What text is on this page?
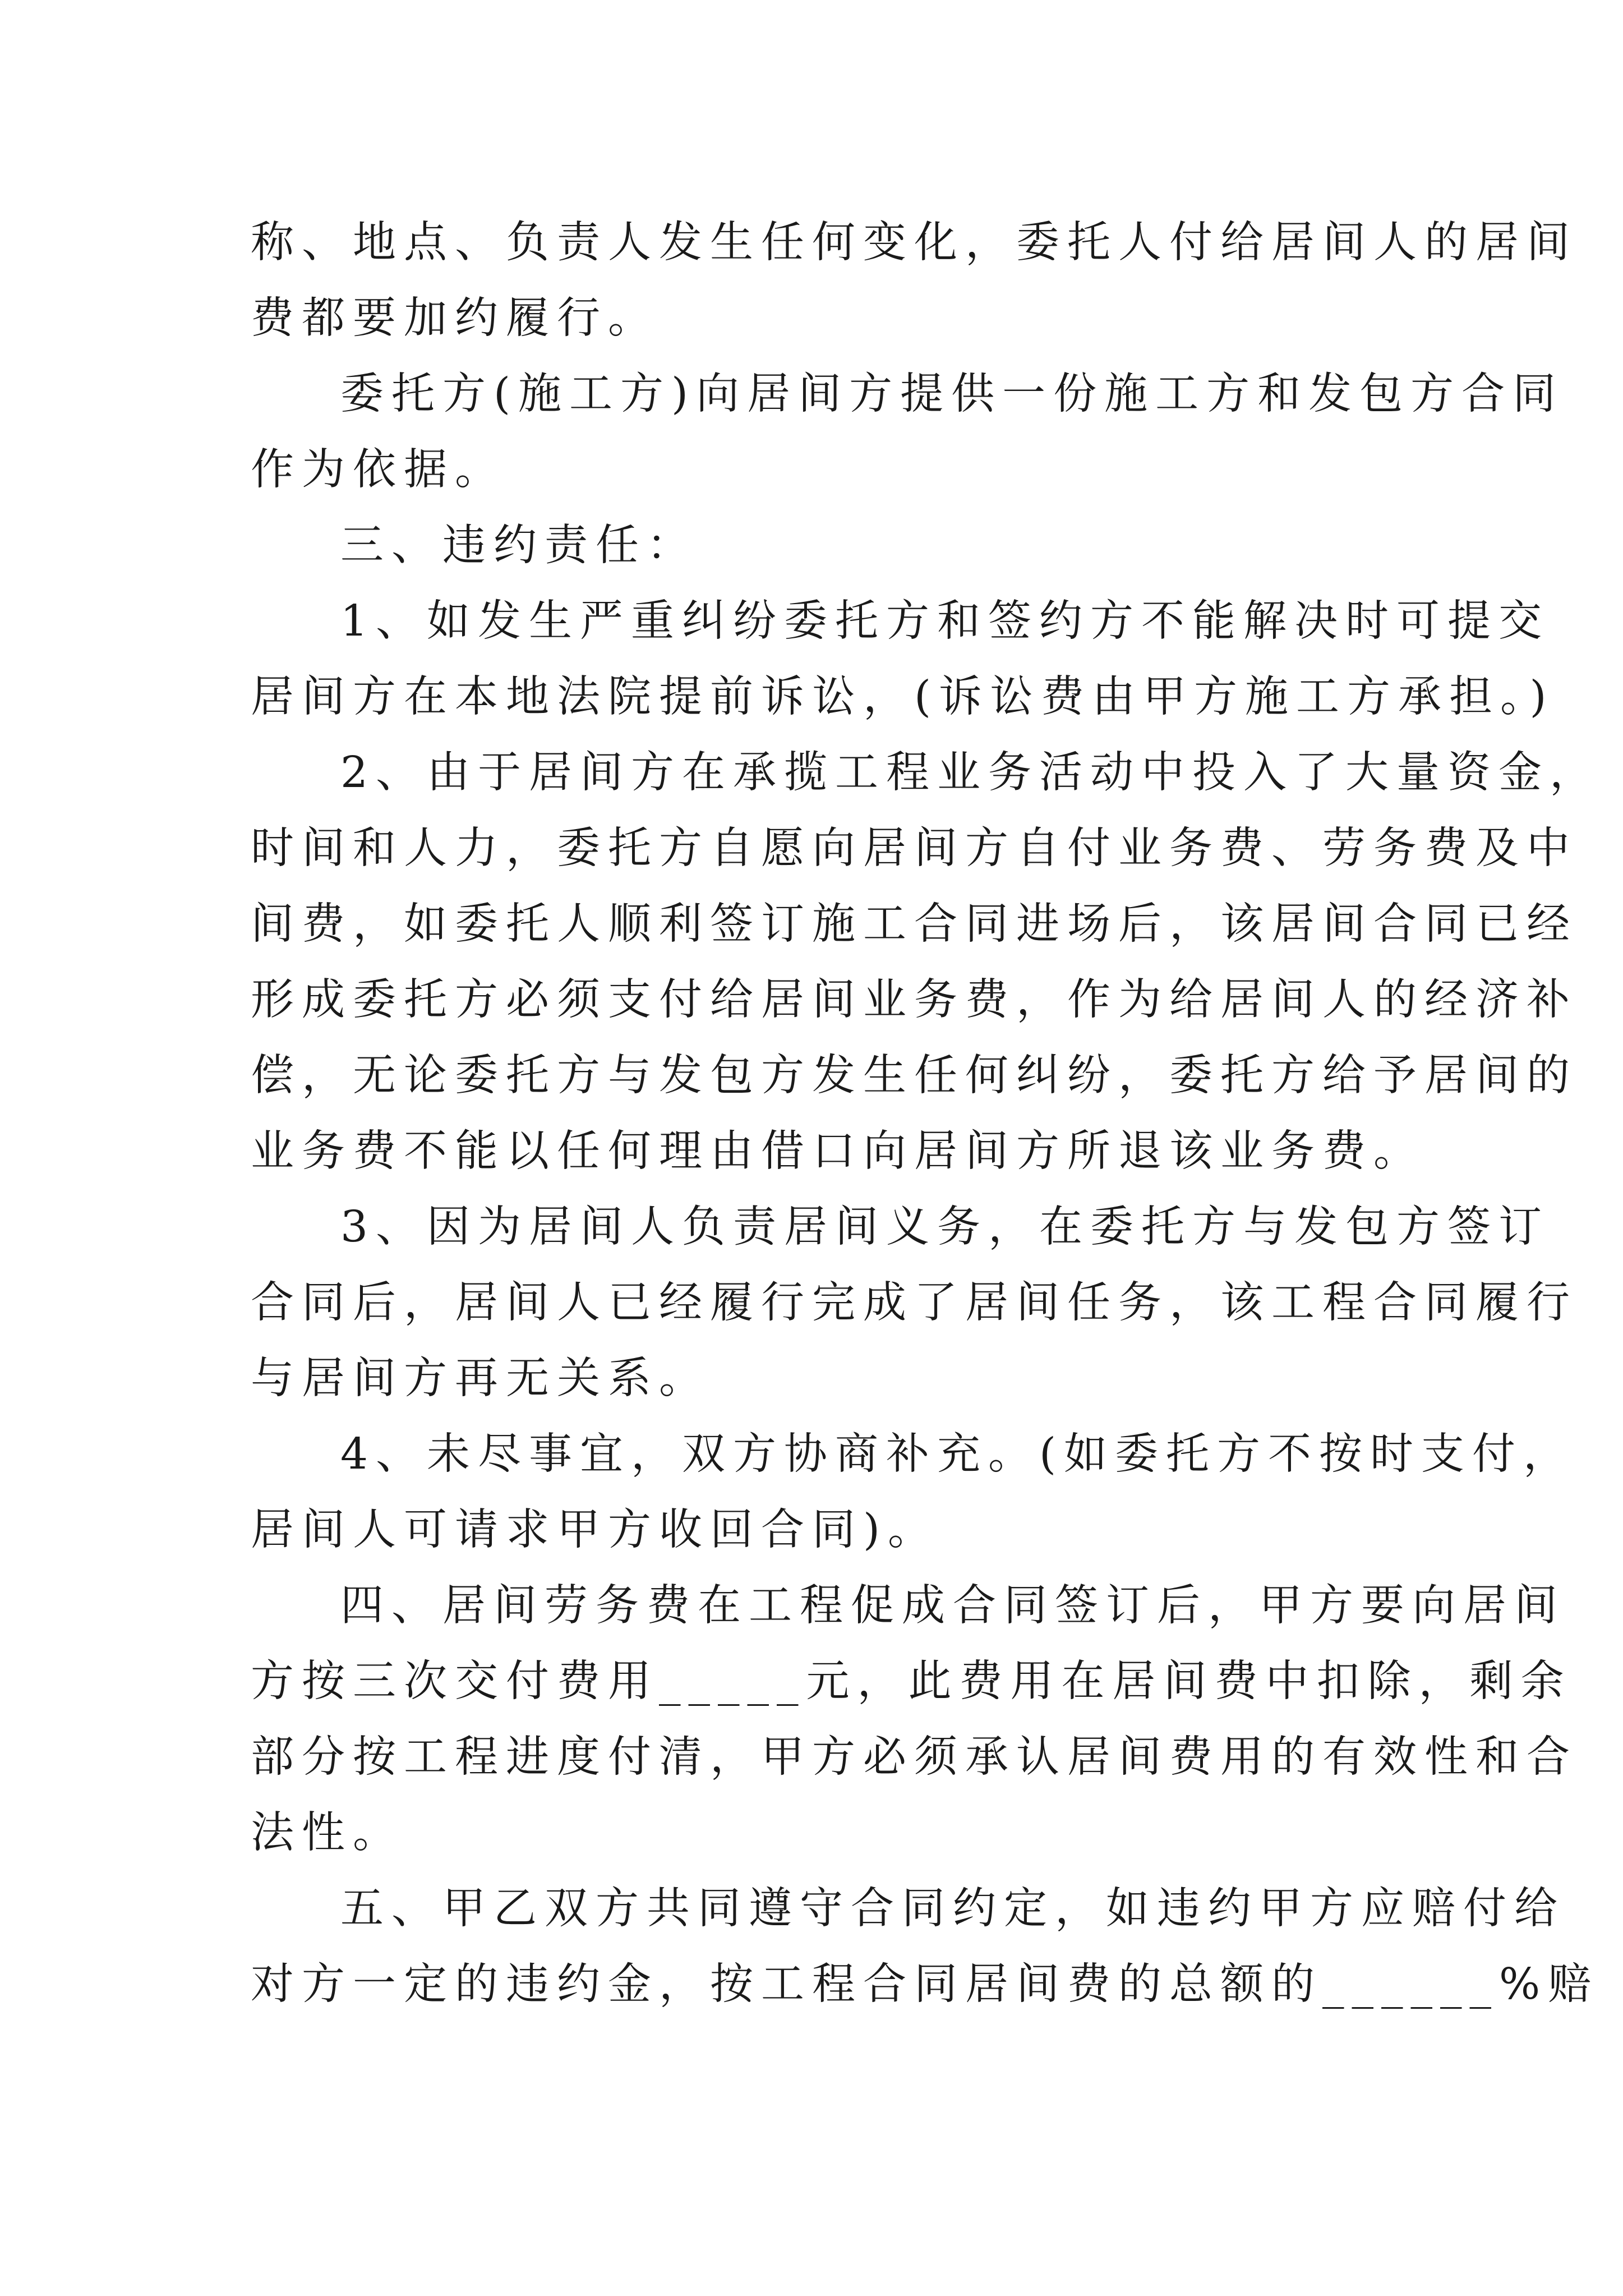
称、地点、负责人发生任何变化，委托人付给居间人的居间
费都要加约履行。
委托方(施工方)向居间方提供一份施工方和发包方合同
作为依据。
三、违约责任：
1、如发生严重纠纷委托方和签约方不能解决时可提交
居间方在本地法院提前诉讼，(诉讼费由甲方施工方承担。)
2、由于居间方在承揽工程业务活动中投入了大量资金，
时间和人力，委托方自愿向居间方自付业务费、劳务费及中
间费，如委托人顺利签订施工合同进场后，该居间合同已经
形成委托方必须支付给居间业务费，作为给居间人的经济补
偿，无论委托方与发包方发生任何纠纷，委托方给予居间的
业务费不能以任何理由借口向居间方所退该业务费。
3、因为居间人负责居间义务，在委托方与发包方签订
合同后，居间人已经履行完成了居间任务，该工程合同履行
与居间方再无关系。
4、未尽事宜，双方协商补充。(如委托方不按时支付，
居间人可请求甲方收回合同)。
四、居间劳务费在工程促成合同签订后，甲方要向居间
方按三次交付费用_____元，此费用在居间费中扣除，剩余
部分按工程进度付清，甲方必须承认居间费用的有效性和合
法性。
五、甲乙双方共同遵守合同约定，如违约甲方应赔付给
对方一定的违约金，按工程合同居间费的总额的______%赔
